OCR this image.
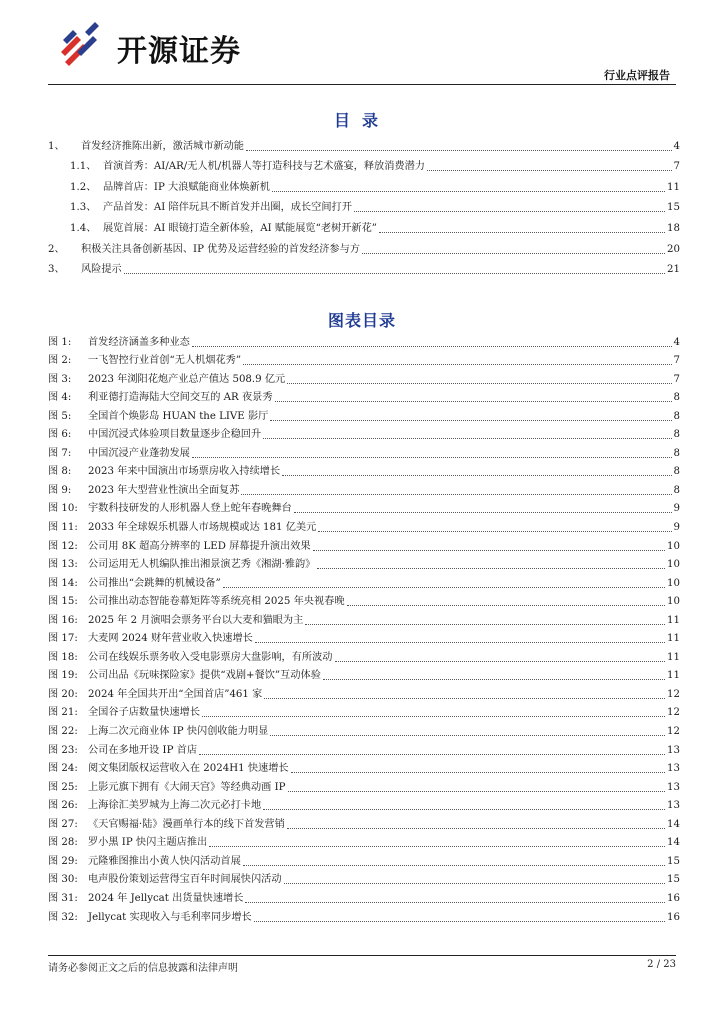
开源证券
行业点评报告
目录
1、	首发经济推陈出新，激活城市新动能	4
1.1、 首演首秀：AI/AR/无人机/机器人等打造科技与艺术盛宴，释放消费潜力	7
1.2、 品牌首店：IP 大浪赋能商业体焕新机	11
1.3、 产品首发：AI 陪伴玩具不断首发并出圈，成长空间打开	15
1.4、 展览首展：AI 眼镜打造全新体验，AI 赋能展览“老树开新花”	18
2、	积极关注具备创新基因、IP 优势及运营经验的首发经济参与方	20
3、	风险提示	21
图表目录
图 1:	首发经济涵盖多种业态	4
图 2:	一飞智控行业首创“无人机烟花秀”	7
图 3:	2023 年浏阳花炮产业总产值达 508.9 亿元	7
图 4:	利亚德打造海陆大空间交互的 AR 夜景秀	8
图 5:	全国首个焕影岛 HUAN the LIVE 影厅	8
图 6:	中国沉浸式体验项目数量逐步企稳回升	8
图 7:	中国沉浸产业蓬勃发展	8
图 8:	2023 年来中国演出市场票房收入持续增长	8
图 9:	2023 年大型营业性演出全面复苏	8
图 10: 宇数科技研发的人形机器人登上蛇年春晚舞台	9
图 11: 2033 年全球娱乐机器人市场规模或达 181 亿美元	9
图 12: 公司用 8K 超高分辨率的 LED 屏幕提升演出效果	10
图 13: 公司运用无人机编队推出湘景演艺秀《湘湖·雅韵》	10
图 14: 公司推出“会跳舞的机械设备”	10
图 15: 公司推出动态智能卷幕矩阵等系统亮相 2025 年央视春晚	10
图 16: 2025 年 2 月演唱会票务平台以大麦和猫眼为主	11
图 17: 大麦网 2024 财年营业收入快速增长	11
图 18: 公司在线娱乐票务收入受电影票房大盘影响，有所波动	11
图 19: 公司出品《玩味探险家》提供“戏剧+餐饮”互动体验	11
图 20: 2024 年全国共开出“全国首店”461 家	12
图 21: 全国谷子店数量快速增长	12
图 22: 上海二次元商业体 IP 快闪创收能力明显	12
图 23: 公司在多地开设 IP 首店	13
图 24: 阅文集团版权运营收入在 2024H1 快速增长	13
图 25: 上影元旗下拥有《大闹天宫》等经典动画 IP	13
图 26: 上海徐汇美罗城为上海二次元必打卡地	13
图 27: 《天官赐福·陆》漫画单行本的线下首发营销	14
图 28: 罗小黑 IP 快闪主题店推出	14
图 29: 元隆雅图推出小黄人快闪活动首展	15
图 30: 电声股份策划运营得宝百年时间展快闪活动	15
图 31: 2024 年 Jellycat 出货量快速增长	16
图 32: Jellycat 实现收入与毛利率同步增长	16
请务必参阅正文之后的信息披露和法律声明	2 / 23
